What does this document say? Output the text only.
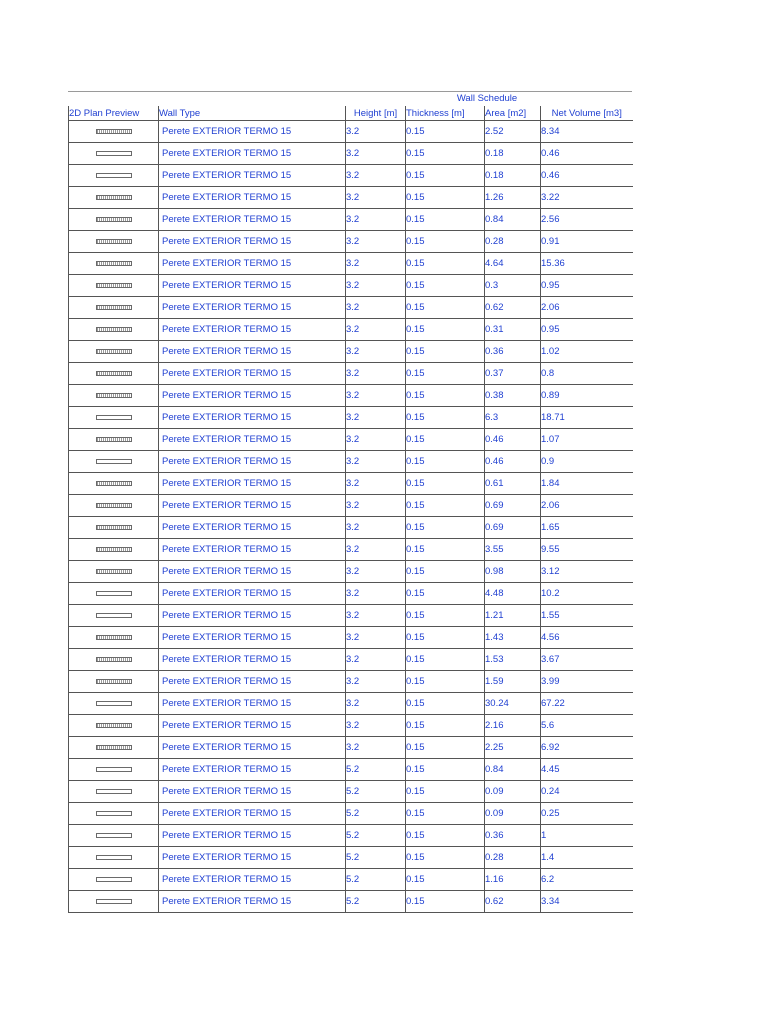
Wall Schedule
2D Plan Preview	Wall Type	Height [m]	Thickness [m]	Area [m2]	Net Volume [m3]
	Perete EXTERIOR TERMO 15	3.2	0.15	2.52	8.34
	Perete EXTERIOR TERMO 15	3.2	0.15	0.18	0.46
	Perete EXTERIOR TERMO 15	3.2	0.15	0.18	0.46
	Perete EXTERIOR TERMO 15	3.2	0.15	1.26	3.22
	Perete EXTERIOR TERMO 15	3.2	0.15	0.84	2.56
	Perete EXTERIOR TERMO 15	3.2	0.15	0.28	0.91
	Perete EXTERIOR TERMO 15	3.2	0.15	4.64	15.36
	Perete EXTERIOR TERMO 15	3.2	0.15	0.3	0.95
	Perete EXTERIOR TERMO 15	3.2	0.15	0.62	2.06
	Perete EXTERIOR TERMO 15	3.2	0.15	0.31	0.95
	Perete EXTERIOR TERMO 15	3.2	0.15	0.36	1.02
	Perete EXTERIOR TERMO 15	3.2	0.15	0.37	0.8
	Perete EXTERIOR TERMO 15	3.2	0.15	0.38	0.89
	Perete EXTERIOR TERMO 15	3.2	0.15	6.3	18.71
	Perete EXTERIOR TERMO 15	3.2	0.15	0.46	1.07
	Perete EXTERIOR TERMO 15	3.2	0.15	0.46	0.9
	Perete EXTERIOR TERMO 15	3.2	0.15	0.61	1.84
	Perete EXTERIOR TERMO 15	3.2	0.15	0.69	2.06
	Perete EXTERIOR TERMO 15	3.2	0.15	0.69	1.65
	Perete EXTERIOR TERMO 15	3.2	0.15	3.55	9.55
	Perete EXTERIOR TERMO 15	3.2	0.15	0.98	3.12
	Perete EXTERIOR TERMO 15	3.2	0.15	4.48	10.2
	Perete EXTERIOR TERMO 15	3.2	0.15	1.21	1.55
	Perete EXTERIOR TERMO 15	3.2	0.15	1.43	4.56
	Perete EXTERIOR TERMO 15	3.2	0.15	1.53	3.67
	Perete EXTERIOR TERMO 15	3.2	0.15	1.59	3.99
	Perete EXTERIOR TERMO 15	3.2	0.15	30.24	67.22
	Perete EXTERIOR TERMO 15	3.2	0.15	2.16	5.6
	Perete EXTERIOR TERMO 15	3.2	0.15	2.25	6.92
	Perete EXTERIOR TERMO 15	5.2	0.15	0.84	4.45
	Perete EXTERIOR TERMO 15	5.2	0.15	0.09	0.24
	Perete EXTERIOR TERMO 15	5.2	0.15	0.09	0.25
	Perete EXTERIOR TERMO 15	5.2	0.15	0.36	1
	Perete EXTERIOR TERMO 15	5.2	0.15	0.28	1.4
	Perete EXTERIOR TERMO 15	5.2	0.15	1.16	6.2
	Perete EXTERIOR TERMO 15	5.2	0.15	0.62	3.34
